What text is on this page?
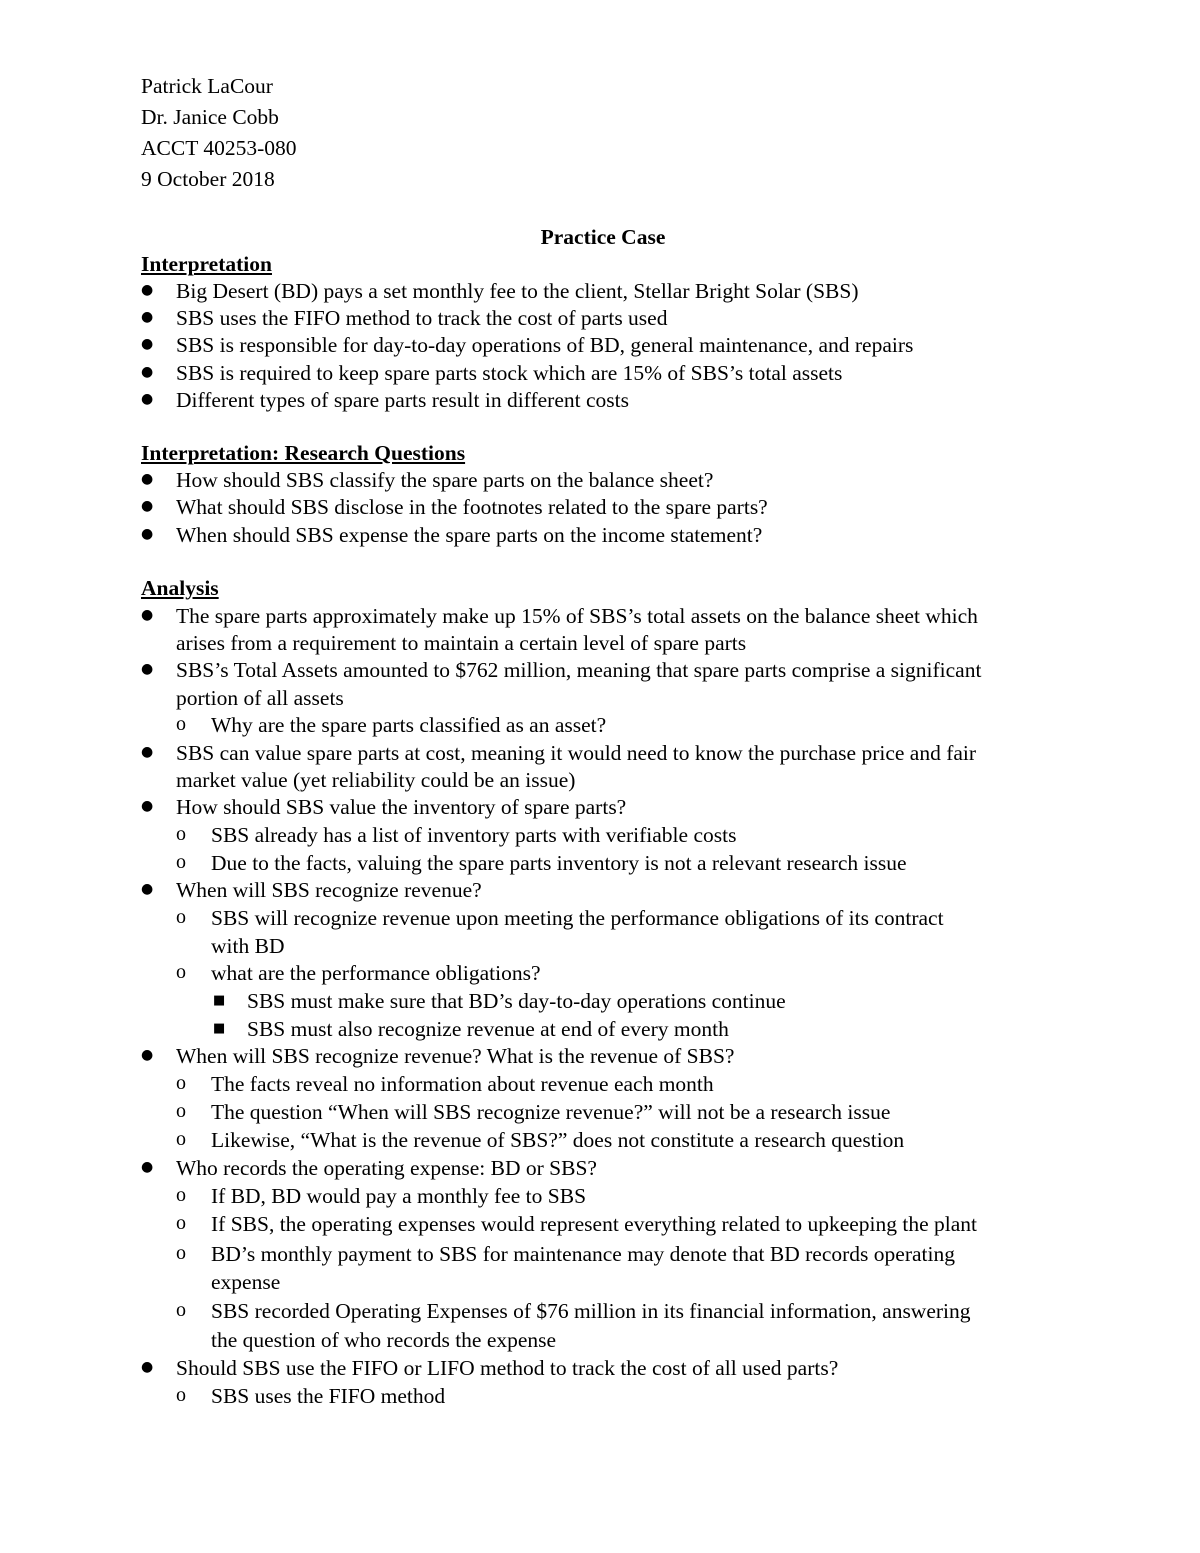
Patrick LaCour
Dr. Janice Cobb
ACCT 40253-080
9 October 2018
Practice Case
Interpretation
● Big Desert (BD) pays a set monthly fee to the client, Stellar Bright Solar (SBS)
● SBS uses the FIFO method to track the cost of parts used
● SBS is responsible for day-to-day operations of BD, general maintenance, and repairs
● SBS is required to keep spare parts stock which are 15% of SBS’s total assets
● Different types of spare parts result in different costs
Interpretation: Research Questions
● How should SBS classify the spare parts on the balance sheet?
● What should SBS disclose in the footnotes related to the spare parts?
● When should SBS expense the spare parts on the income statement?
Analysis
● The spare parts approximately make up 15% of SBS’s total assets on the balance sheet which
arises from a requirement to maintain a certain level of spare parts
● SBS’s Total Assets amounted to $762 million, meaning that spare parts comprise a significant
portion of all assets
o Why are the spare parts classified as an asset?
● SBS can value spare parts at cost, meaning it would need to know the purchase price and fair
market value (yet reliability could be an issue)
● How should SBS value the inventory of spare parts?
o SBS already has a list of inventory parts with verifiable costs
o Due to the facts, valuing the spare parts inventory is not a relevant research issue
● When will SBS recognize revenue?
o SBS will recognize revenue upon meeting the performance obligations of its contract
with BD
o what are the performance obligations?
■ SBS must make sure that BD’s day-to-day operations continue
■ SBS must also recognize revenue at end of every month
● When will SBS recognize revenue? What is the revenue of SBS?
o The facts reveal no information about revenue each month
o The question “When will SBS recognize revenue?” will not be a research issue
o Likewise, “What is the revenue of SBS?” does not constitute a research question
● Who records the operating expense: BD or SBS?
o If BD, BD would pay a monthly fee to SBS
o If SBS, the operating expenses would represent everything related to upkeeping the plant
o BD’s monthly payment to SBS for maintenance may denote that BD records operating
expense
o SBS recorded Operating Expenses of $76 million in its financial information, answering
the question of who records the expense
● Should SBS use the FIFO or LIFO method to track the cost of all used parts?
o SBS uses the FIFO method
